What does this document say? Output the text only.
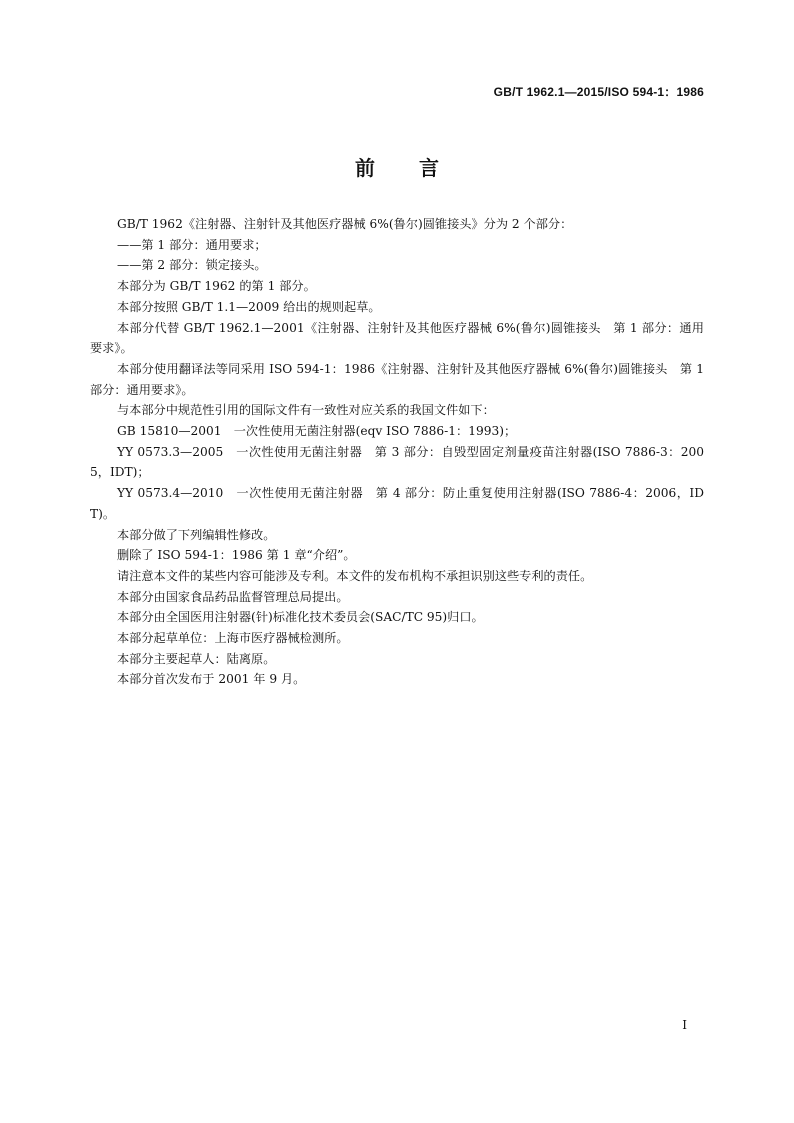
GB/T 1962.1—2015/ISO 594-1：1986
前 言

GB/T 1962《注射器、注射针及其他医疗器械 6%(鲁尔)圆锥接头》分为 2 个部分：

——第 1 部分：通用要求；

——第 2 部分：锁定接头。

本部分为 GB/T 1962 的第 1 部分。

本部分按照 GB/T 1.1—2009 给出的规则起草。

本部分代替 GB/T 1962.1—2001《注射器、注射针及其他医疗器械 6%(鲁尔)圆锥接头　第 1 部分：通用要求》。

本部分使用翻译法等同采用 ISO 594-1：1986《注射器、注射针及其他医疗器械 6%(鲁尔)圆锥接头　第 1 部分：通用要求》。

与本部分中规范性引用的国际文件有一致性对应关系的我国文件如下：

GB 15810—2001　一次性使用无菌注射器(eqv ISO 7886-1：1993)；

YY 0573.3—2005　一次性使用无菌注射器　第 3 部分：自毁型固定剂量疫苗注射器(ISO 7886-3：2005，IDT)；

YY 0573.4—2010　一次性使用无菌注射器　第 4 部分：防止重复使用注射器(ISO 7886-4：2006，IDT)。

本部分做了下列编辑性修改。

删除了 ISO 594-1：1986 第 1 章“介绍”。

请注意本文件的某些内容可能涉及专利。本文件的发布机构不承担识别这些专利的责任。

本部分由国家食品药品监督管理总局提出。

本部分由全国医用注射器(针)标准化技术委员会(SAC/TC 95)归口。

本部分起草单位：上海市医疗器械检测所。

本部分主要起草人：陆离原。

本部分首次发布于 2001 年 9 月。

I
